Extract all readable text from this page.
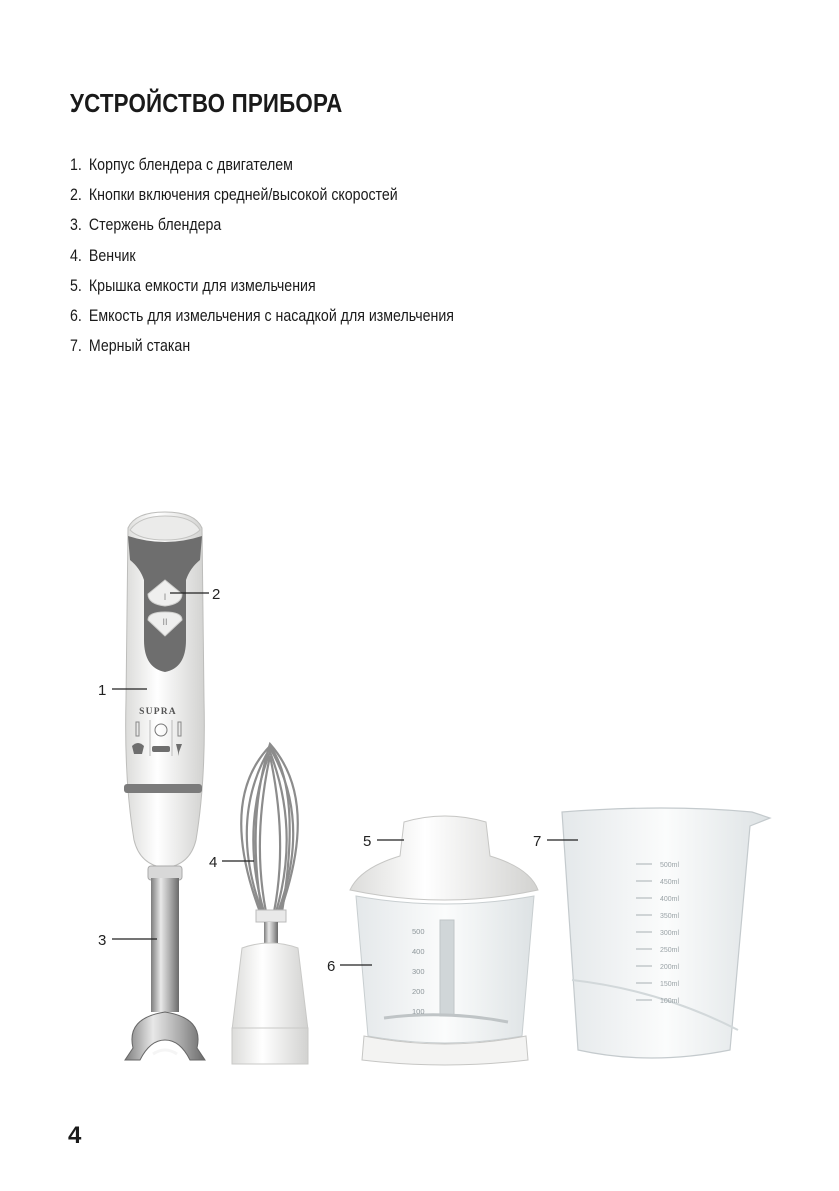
УСТРОЙСТВО ПРИБОРА
1. Корпус блендера с двигателем
2. Кнопки включения средней/высокой скоростей
3. Стержень блендера
4. Венчик
5. Крышка емкости для измельчения
6. Емкость для измельчения с насадкой для измельчения
7. Мерный стакан
I
II
SUPRA
500
400
300
200
100
500ml
450ml
400ml
350ml
300ml
250ml
200ml
150ml
100ml
1
2
3
4
5
6
7
4
